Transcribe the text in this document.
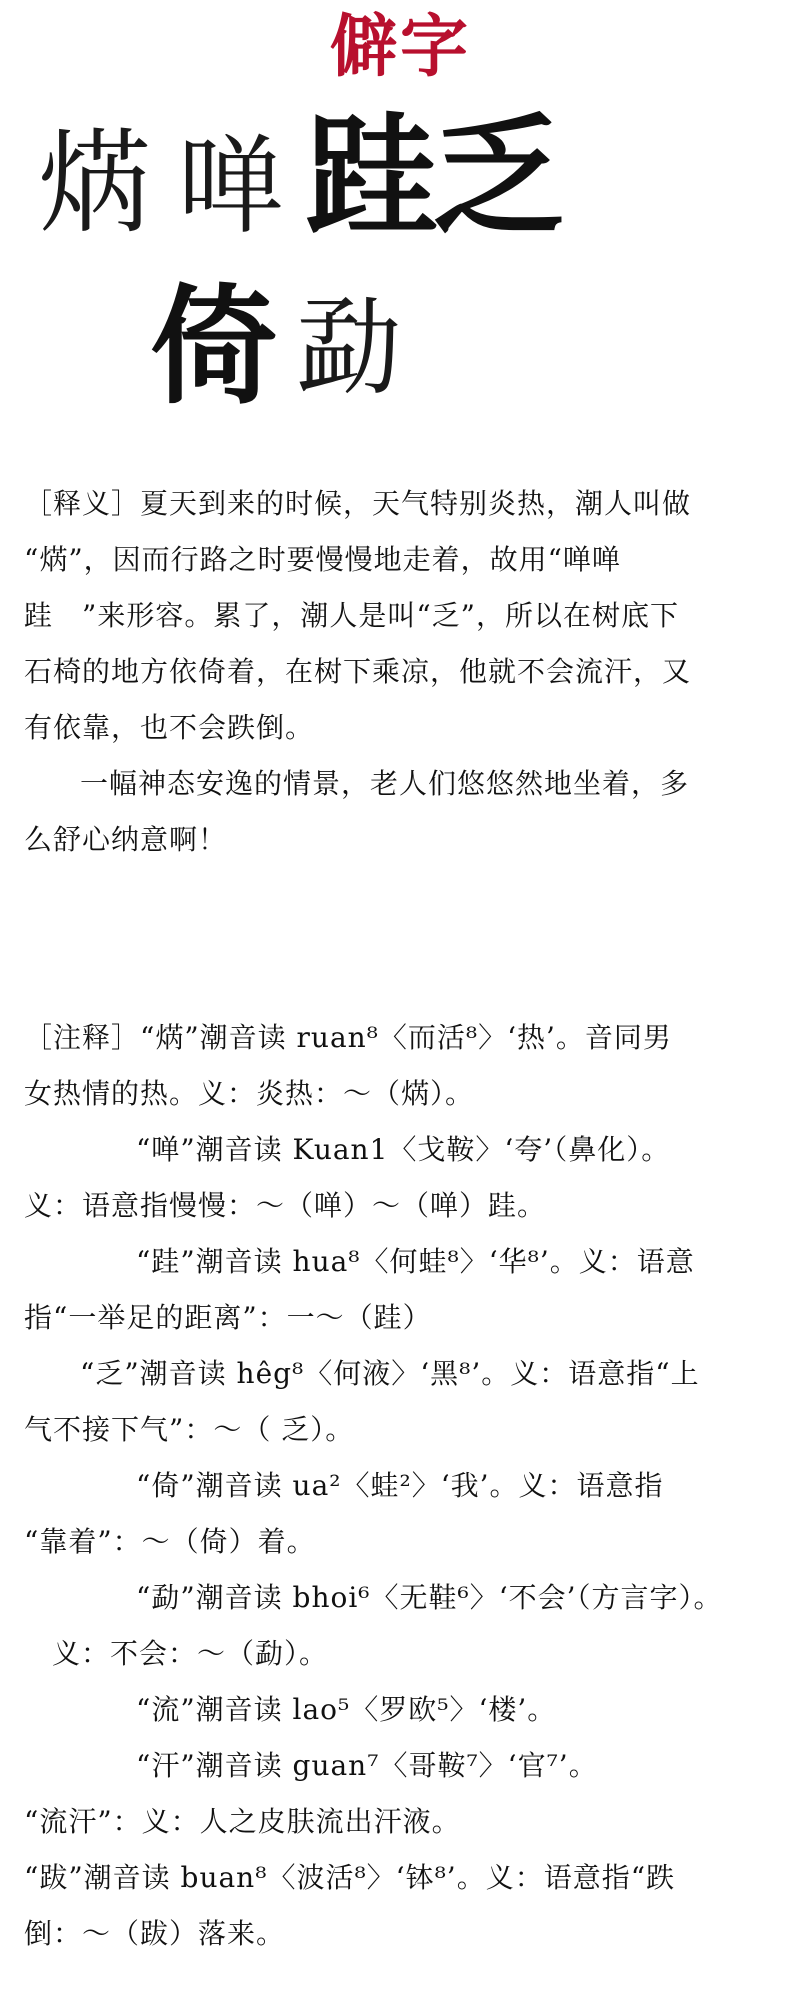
僻字
焫 啴 跬
乏
倚 勐
［释义］夏天到来的时候，天气特别炎热，潮人叫做
“焫”，因而行路之时要慢慢地走着，故用“啴啴
跬　”来形容。累了，潮人是叫“乏”，所以在树底下
石椅的地方依倚着，在树下乘凉，他就不会流汗，又
有依靠，也不会跌倒。
一幅神态安逸的情景，老人们悠悠然地坐着，多
么舒心纳意啊！
［注释］“焫”潮音读 ruan⁸〈而活⁸〉‘热’。音同男
女热情的热。义：炎热：～（焫）。
“啴”潮音读 Kuan1〈戈鞍〉‘夸’（鼻化）。
义：语意指慢慢：～（啴）～（啴）跬。
“跬”潮音读 hua⁸〈何蛙⁸〉‘华⁸’。义：语意
指“一举足的距离”：一～（跬）
“乏”潮音读 hêg⁸〈何液〉‘黑⁸’。义：语意指“上
气不接下气”：～（ 乏）。
“倚”潮音读 ua²〈蛙²〉‘我’。义：语意指
“靠着”：～（倚）着。
“勐”潮音读 bhoi⁶〈无鞋⁶〉‘不会’（方言字）。
义：不会：～（勐）。
“流”潮音读 lao⁵〈罗欧⁵〉‘楼’。
“汗”潮音读 guan⁷〈哥鞍⁷〉‘官⁷’。
“流汗”：义：人之皮肤流出汗液。
“跋”潮音读 buan⁸〈波活⁸〉‘钵⁸’。义：语意指“跌
倒：～（跋）落来。
